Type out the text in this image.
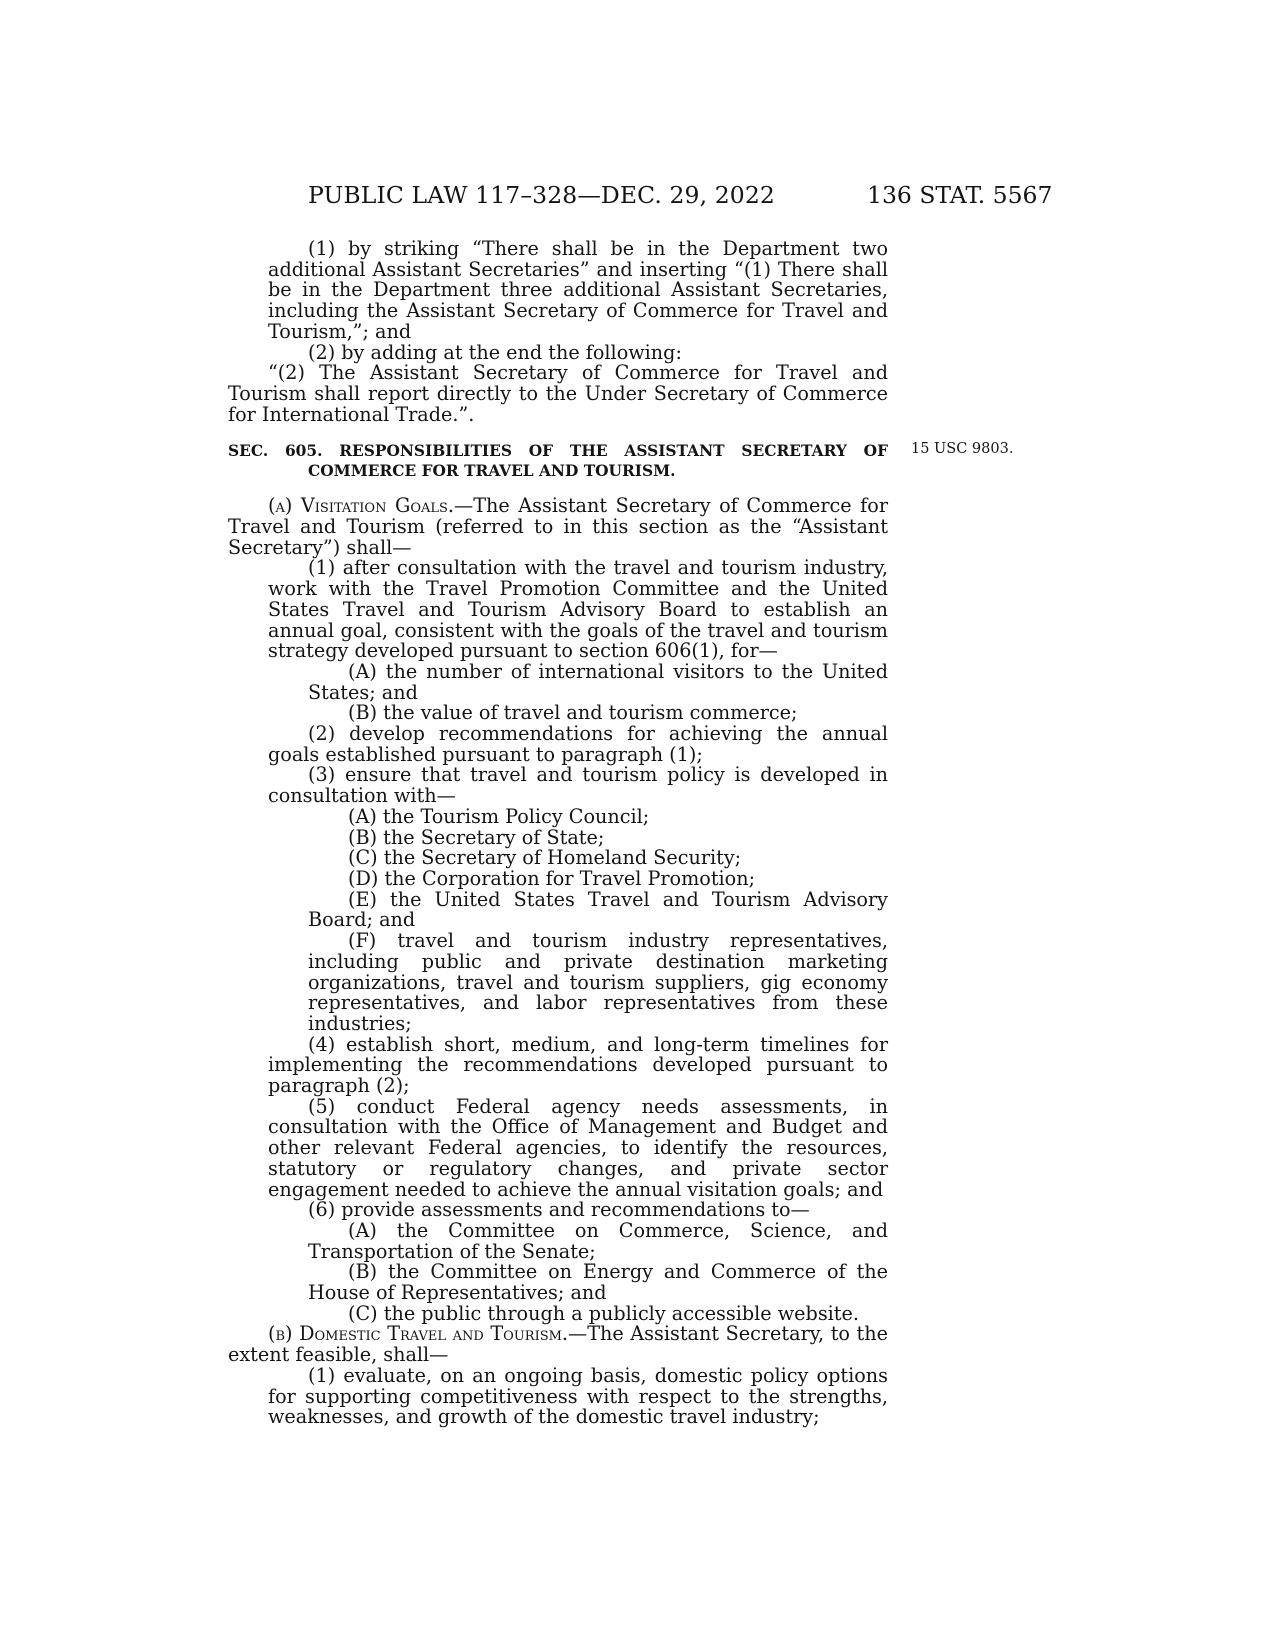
PUBLIC LAW 117–328—DEC. 29, 2022	136 STAT. 5567
15 USC 9803.

(1) by striking “There shall be in the Department two additional Assistant Secretaries” and inserting “(1) There shall be in the Department three additional Assistant Secretaries, including the Assistant Secretary of Commerce for Travel and Tourism,”; and

(2) by adding at the end the following:

“(2) The Assistant Secretary of Commerce for Travel and Tourism shall report directly to the Under Secretary of Commerce for International Trade.”.

SEC. 605. RESPONSIBILITIES OF THE ASSISTANT SECRETARY OF COMMERCE FOR TRAVEL AND TOURISM.

(a) Visitation Goals.—The Assistant Secretary of Commerce for Travel and Tourism (referred to in this section as the “Assistant Secretary”) shall—

(1) after consultation with the travel and tourism industry, work with the Travel Promotion Committee and the United States Travel and Tourism Advisory Board to establish an annual goal, consistent with the goals of the travel and tourism strategy developed pursuant to section 606(1), for—

(A) the number of international visitors to the United States; and

(B) the value of travel and tourism commerce;

(2) develop recommendations for achieving the annual goals established pursuant to paragraph (1);

(3) ensure that travel and tourism policy is developed in consultation with—

(A) the Tourism Policy Council;

(B) the Secretary of State;

(C) the Secretary of Homeland Security;

(D) the Corporation for Travel Promotion;

(E) the United States Travel and Tourism Advisory Board; and

(F) travel and tourism industry representatives, including public and private destination marketing organizations, travel and tourism suppliers, gig economy representatives, and labor representatives from these industries;

(4) establish short, medium, and long-term timelines for implementing the recommendations developed pursuant to paragraph (2);

(5) conduct Federal agency needs assessments, in consultation with the Office of Management and Budget and other relevant Federal agencies, to identify the resources, statutory or regulatory changes, and private sector engagement needed to achieve the annual visitation goals; and

(6) provide assessments and recommendations to—

(A) the Committee on Commerce, Science, and Transportation of the Senate;

(B) the Committee on Energy and Commerce of the House of Representatives; and

(C) the public through a publicly accessible website.

(b) Domestic Travel and Tourism.—The Assistant Secretary, to the extent feasible, shall—

(1) evaluate, on an ongoing basis, domestic policy options for supporting competitiveness with respect to the strengths, weaknesses, and growth of the domestic travel industry;
